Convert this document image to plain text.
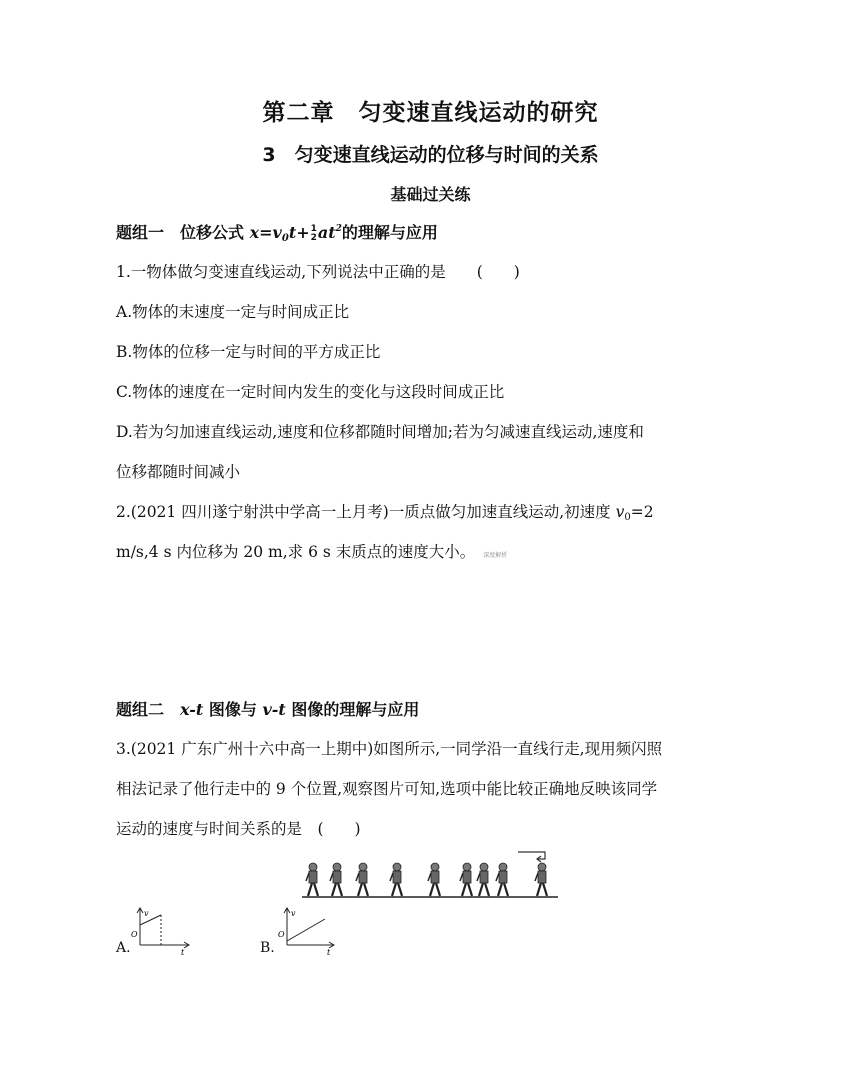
第二章　匀变速直线运动的研究
3　匀变速直线运动的位移与时间的关系
基础过关练
题组一　位移公式 $x=v_0t+ 1$
2 $at^2$的理解与应用
1.一物体做匀变速直线运动,下列说法中正确的是　　(　　)
A.物体的末速度一定与时间成正比
B.物体的位移一定与时间的平方成正比
C.物体的速度在一定时间内发生的变化与这段时间成正比
D.若为匀加速直线运动,速度和位移都随时间增加;若为匀减速直线运动,速度和
位移都随时间减小
2.(2021 四川遂宁射洪中学高一上月考)一质点做匀加速直线运动,初速度 $v_0=2$
m/s,4 s 内位移为 20 m,求 6 s 末质点的速度大小。 深度解析
题组二　x-t 图像与 v-t 图像的理解与应用
3.(2021 广东广州十六中高一上期中)如图所示,一同学沿一直线行走,现用频闪照
相法记录了他行走中的 9 个位置,观察图片可知,选项中能比较正确地反映该同学
运动的速度与时间关系的是　(　　)
A.
v
t
O
B.
v
t
O
